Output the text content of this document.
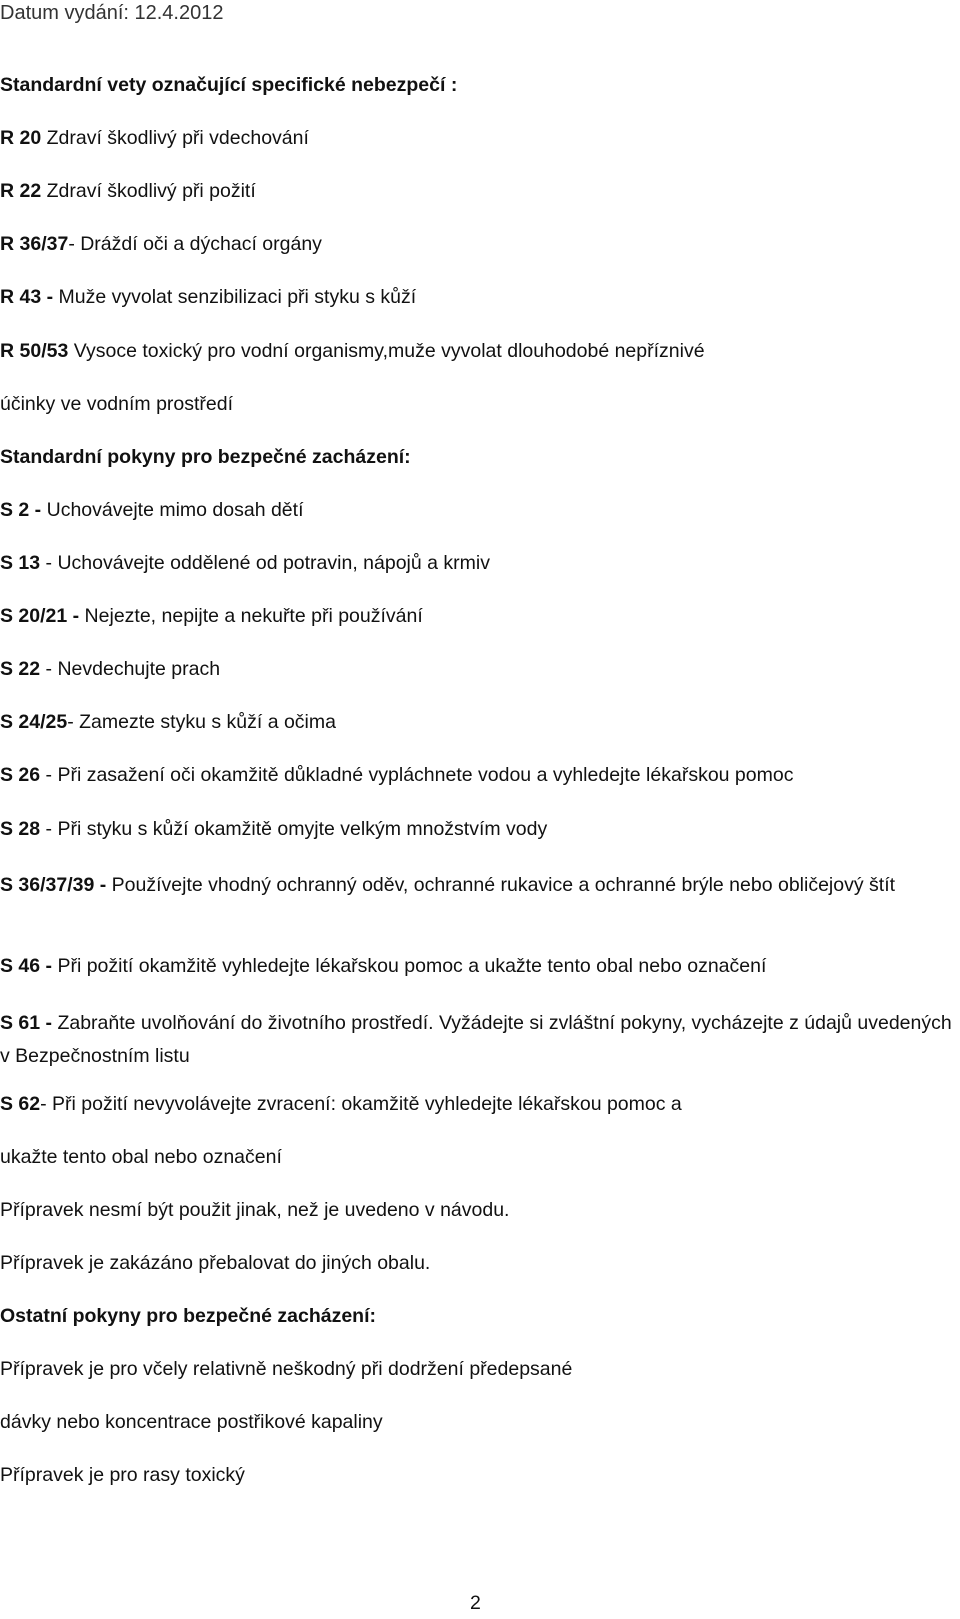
Datum vydání: 12.4.2012
Standardní vety označující specifické nebezpečí :
R 20 Zdraví škodlivý při vdechování
R 22 Zdraví škodlivý při požití
R 36/37- Dráždí oči a dýchací orgány
R 43 - Muže vyvolat senzibilizaci při styku s kůží
R 50/53 Vysoce toxický pro vodní organismy,muže vyvolat dlouhodobé nepříznivé
účinky ve vodním prostředí
Standardní pokyny pro bezpečné zacházení:
S 2 - Uchovávejte mimo dosah dětí
S 13 - Uchovávejte oddělené od potravin, nápojů a krmiv
S 20/21 - Nejezte, nepijte a nekuřte při používání
S 22 - Nevdechujte prach
S 24/25- Zamezte styku s kůží a očima
S 26 - Při zasažení oči okamžitě důkladné vypláchnete vodou a vyhledejte lékařskou pomoc
S 28 - Při styku s kůží okamžitě omyjte velkým množstvím vody
S 36/37/39 - Používejte vhodný ochranný oděv, ochranné rukavice a ochranné brýle nebo obličejový štít
S 46 - Při požití okamžitě vyhledejte lékařskou pomoc a ukažte tento obal nebo označení
S 61 - Zabraňte uvolňování do životního prostředí. Vyžádejte si zvláštní pokyny, vycházejte z údajů uvedených v Bezpečnostním listu
S 62- Při požití nevyvolávejte zvracení: okamžitě vyhledejte lékařskou pomoc a
ukažte tento obal nebo označení
Přípravek nesmí být použit jinak, než je uvedeno v návodu.
Přípravek je zakázáno přebalovat do jiných obalu.
Ostatní pokyny pro bezpečné zacházení:
Přípravek je pro včely relativně neškodný při dodržení předepsané
dávky nebo koncentrace postřikové kapaliny
Přípravek je pro rasy toxický
2
